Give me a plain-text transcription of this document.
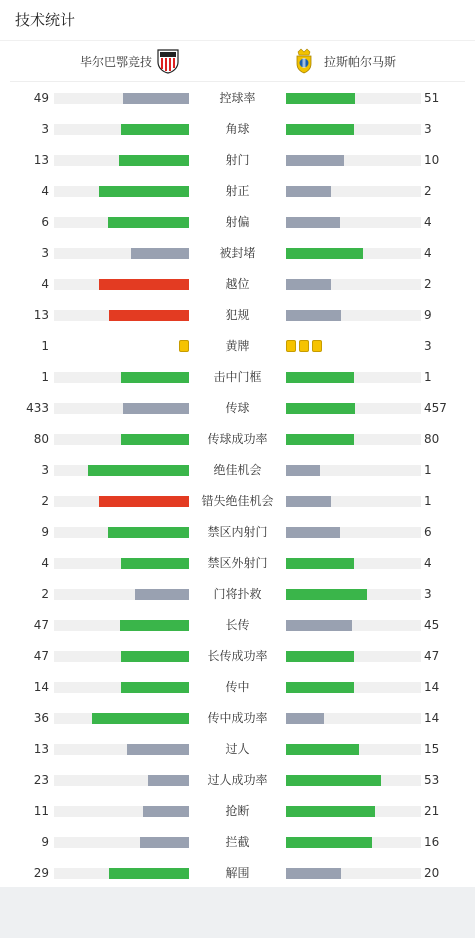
技术统计
毕尔巴鄂竞技	拉斯帕尔马斯
49	控球率	51
3	角球	3
13	射门	10
4	射正	2
6	射偏	4
3	被封堵	4
4	越位	2
13	犯规	9
1	黄牌	3
1	击中门框	1
433	传球	457
80	传球成功率	80
3	绝佳机会	1
2	错失绝佳机会	1
9	禁区内射门	6
4	禁区外射门	4
2	门将扑救	3
47	长传	45
47	长传成功率	47
14	传中	14
36	传中成功率	14
13	过人	15
23	过人成功率	53
11	抢断	21
9	拦截	16
29	解围	20
